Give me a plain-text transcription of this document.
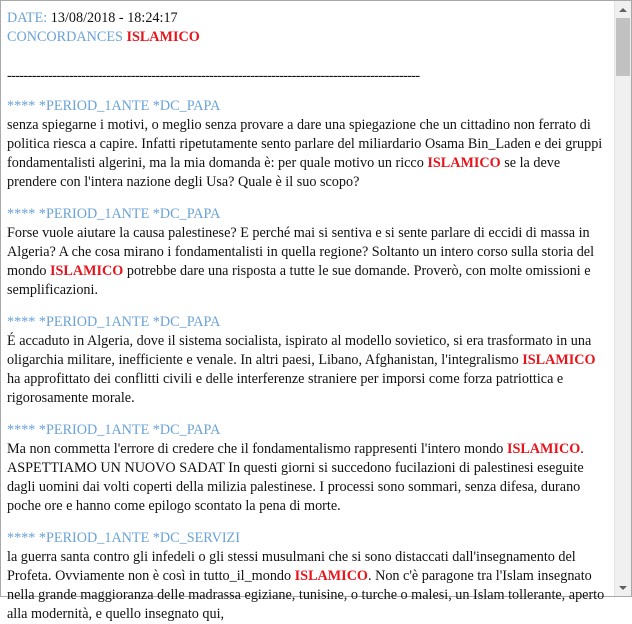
DATE: 13/08/2018 - 18:24:17
CONCORDANCES ISLAMICO
----------------------------------------------------------------------------------------------------
**** *PERIOD_1ANTE *DC_PAPA

senza spiegarne i motivi, o meglio senza provare a dare una spiegazione che un cittadino non ferrato di politica riesca a capire. Infatti ripetutamente sento parlare del miliardario Osama Bin_Laden e dei gruppi fondamentalisti algerini, ma la mia domanda è: per quale motivo un ricco ISLAMICO se la deve prendere con l'intera nazione degli Usa? Quale è il suo scopo?

**** *PERIOD_1ANTE *DC_PAPA

Forse vuole aiutare la causa palestinese? E perché mai si sentiva e si sente parlare di eccidi di massa in Algeria? A che cosa mirano i fondamentalisti in quella regione? Soltanto un intero corso sulla storia del mondo ISLAMICO potrebbe dare una risposta a tutte le sue domande. Proverò, con molte omissioni e semplificazioni.

**** *PERIOD_1ANTE *DC_PAPA

É accaduto in Algeria, dove il sistema socialista, ispirato al modello sovietico, si era trasformato in una oligarchia militare, inefficiente e venale. In altri paesi, Libano, Afghanistan, l'integralismo ISLAMICO ha approfittato dei conflitti civili e delle interferenze straniere per imporsi come forza patriottica e rigorosamente morale.

**** *PERIOD_1ANTE *DC_PAPA

Ma non commetta l'errore di credere che il fondamentalismo rappresenti l'intero mondo ISLAMICO. ASPETTIAMO UN NUOVO SADAT In questi giorni si succedono fucilazioni di palestinesi eseguite dagli uomini dai volti coperti della milizia palestinese. I processi sono sommari, senza difesa, durano poche ore e hanno come epilogo scontato la pena di morte.

**** *PERIOD_1ANTE *DC_SERVIZI

la guerra santa contro gli infedeli o gli stessi musulmani che si sono distaccati dall'insegnamento del Profeta. Ovviamente non è così in tutto_il_mondo ISLAMICO. Non c'è paragone tra l'Islam insegnato nella grande maggioranza delle madrassa egiziane, tunisine, o turche o malesi, un Islam tollerante, aperto alla modernità, e quello insegnato qui,
